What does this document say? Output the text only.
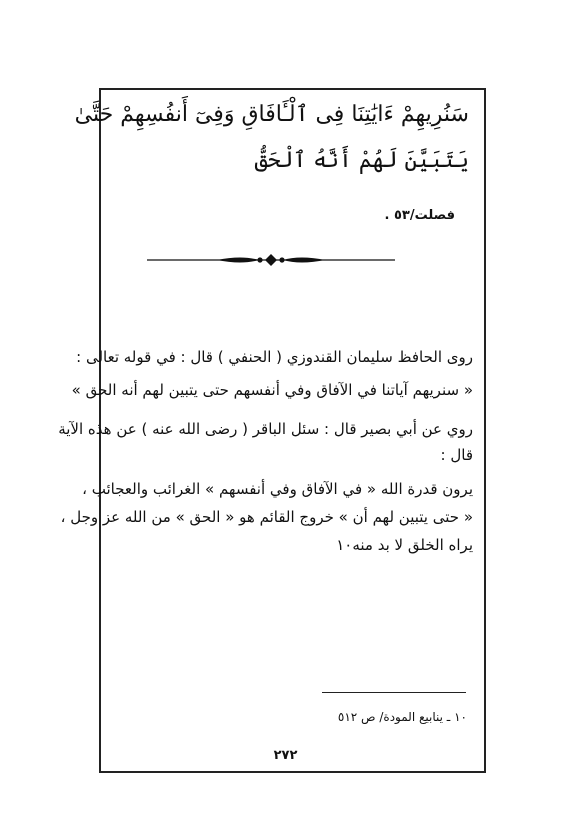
سَنُرِيهِمْ ءَايَٰتِنَا فِى ٱلْـَٔافَاقِ وَفِىٓ أَنفُسِهِمْ حَتَّىٰ
يَتَبَيَّنَ لَهُمْ أَنَّهُ ٱلْحَقُّ
فصلت/٥٣ .
روى الحافظ سليمان القندوزي ( الحنفي ) قال : في قوله تعالى :
« سنريهم آياتنا في الآفاق وفي أنفسهم حتى يتبين لهم أنه الحق »
روي عن أبي بصير قال : سئل الباقر ( رضى الله عنه ) عن هذه الآية
قال :
يرون قدرة الله « في الآفاق وفي أنفسهم » الغرائب والعجائب ،
« حتى يتبين لهم أن » خروج القائم هو « الحق » من الله عز وجل ،
يراه الخلق لا بد منه١٠
١٠ ـ ينابيع المودة/ ص ٥١٢
٢٧٢
